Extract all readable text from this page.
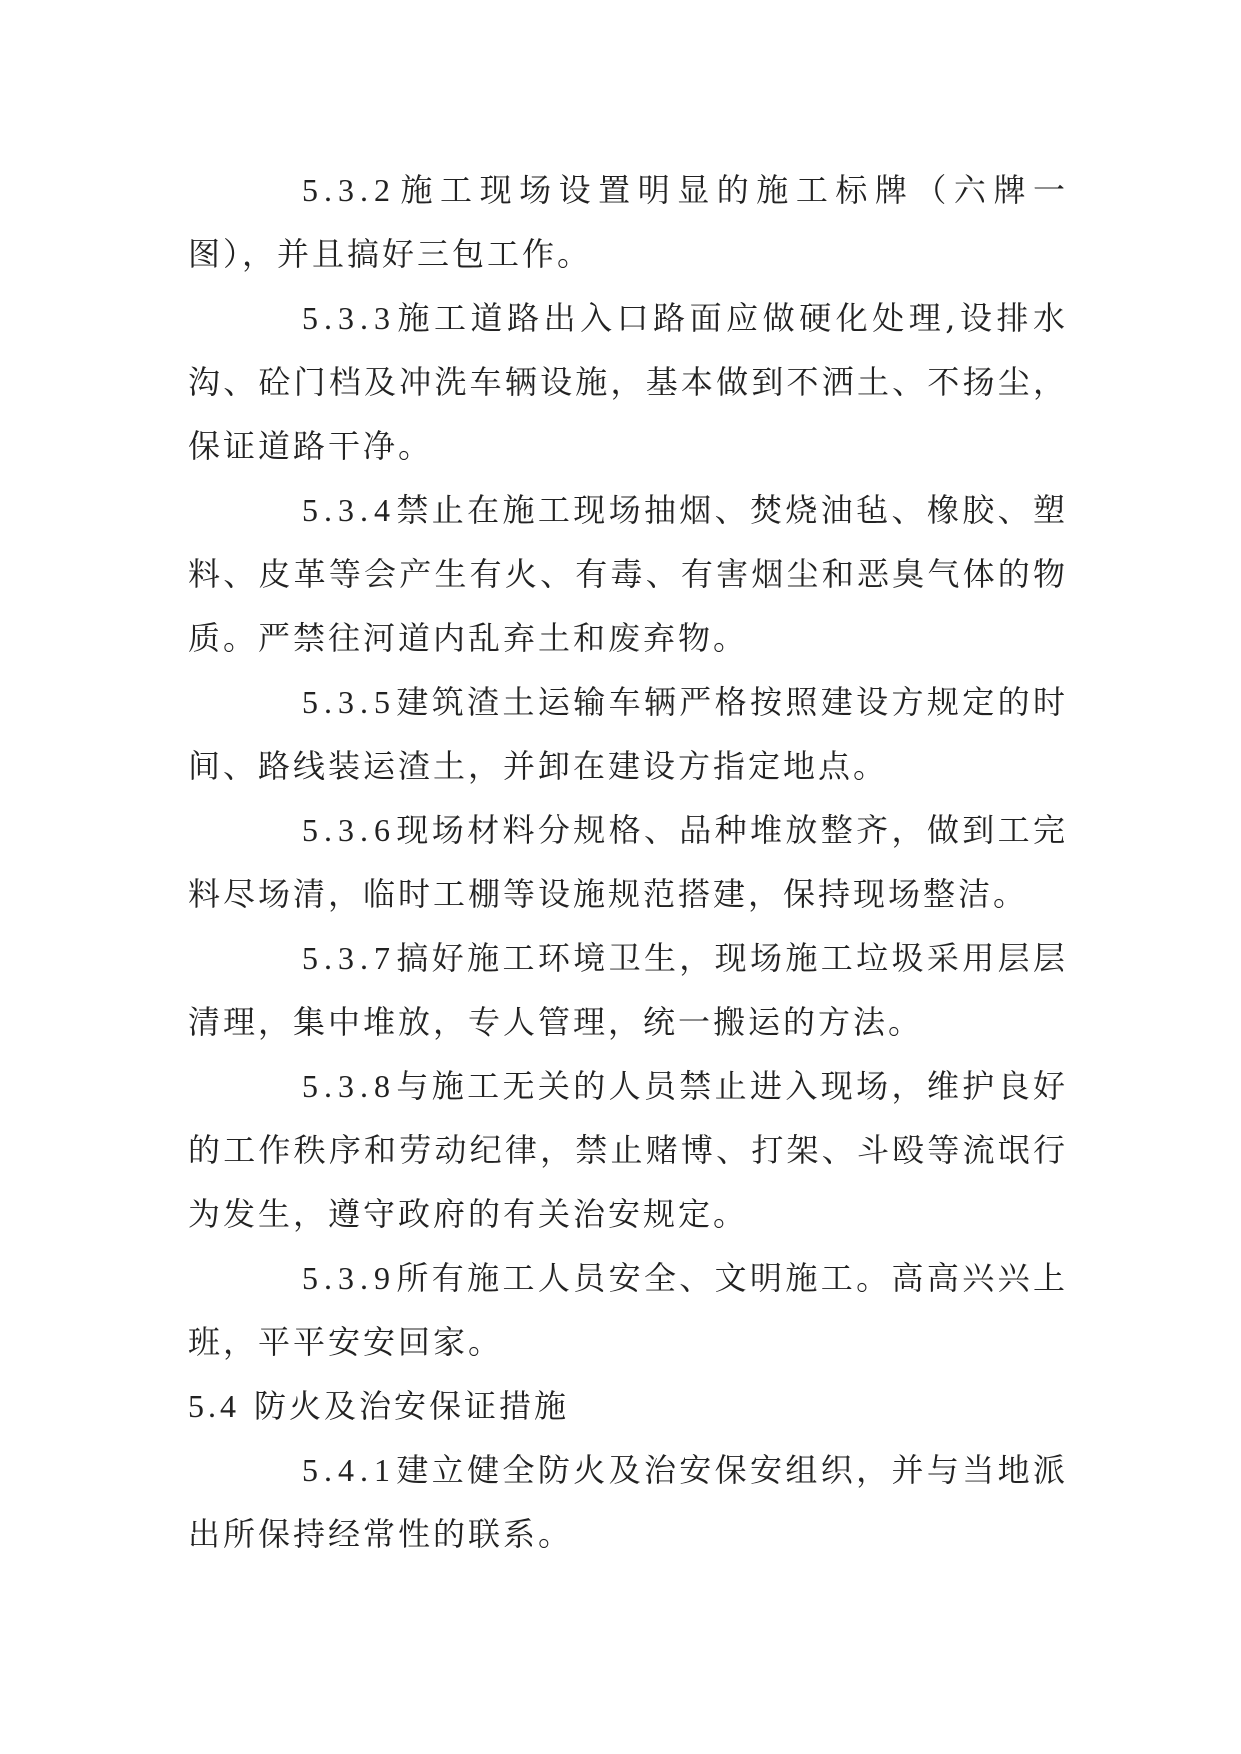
5.3.2施工现场设置明显的施工标牌（六牌一图），并且搞好三包工作。

5.3.3施工道路出入口路面应做硬化处理,设排水沟、砼门档及冲洗车辆设施，基本做到不洒土、不扬尘，保证道路干净。

5.3.4禁止在施工现场抽烟、焚烧油毡、橡胶、塑料、皮革等会产生有火、有毒、有害烟尘和恶臭气体的物质。严禁往河道内乱弃土和废弃物。

5.3.5建筑渣土运输车辆严格按照建设方规定的时间、路线装运渣土，并卸在建设方指定地点。

5.3.6现场材料分规格、品种堆放整齐，做到工完料尽场清，临时工棚等设施规范搭建，保持现场整洁。

5.3.7搞好施工环境卫生，现场施工垃圾采用层层清理，集中堆放，专人管理，统一搬运的方法。

5.3.8与施工无关的人员禁止进入现场，维护良好的工作秩序和劳动纪律，禁止赌博、打架、斗殴等流氓行为发生，遵守政府的有关治安规定。

5.3.9所有施工人员安全、文明施工。高高兴兴上班，平平安安回家。

5.4 防火及治安保证措施

5.4.1建立健全防火及治安保安组织，并与当地派出所保持经常性的联系。
